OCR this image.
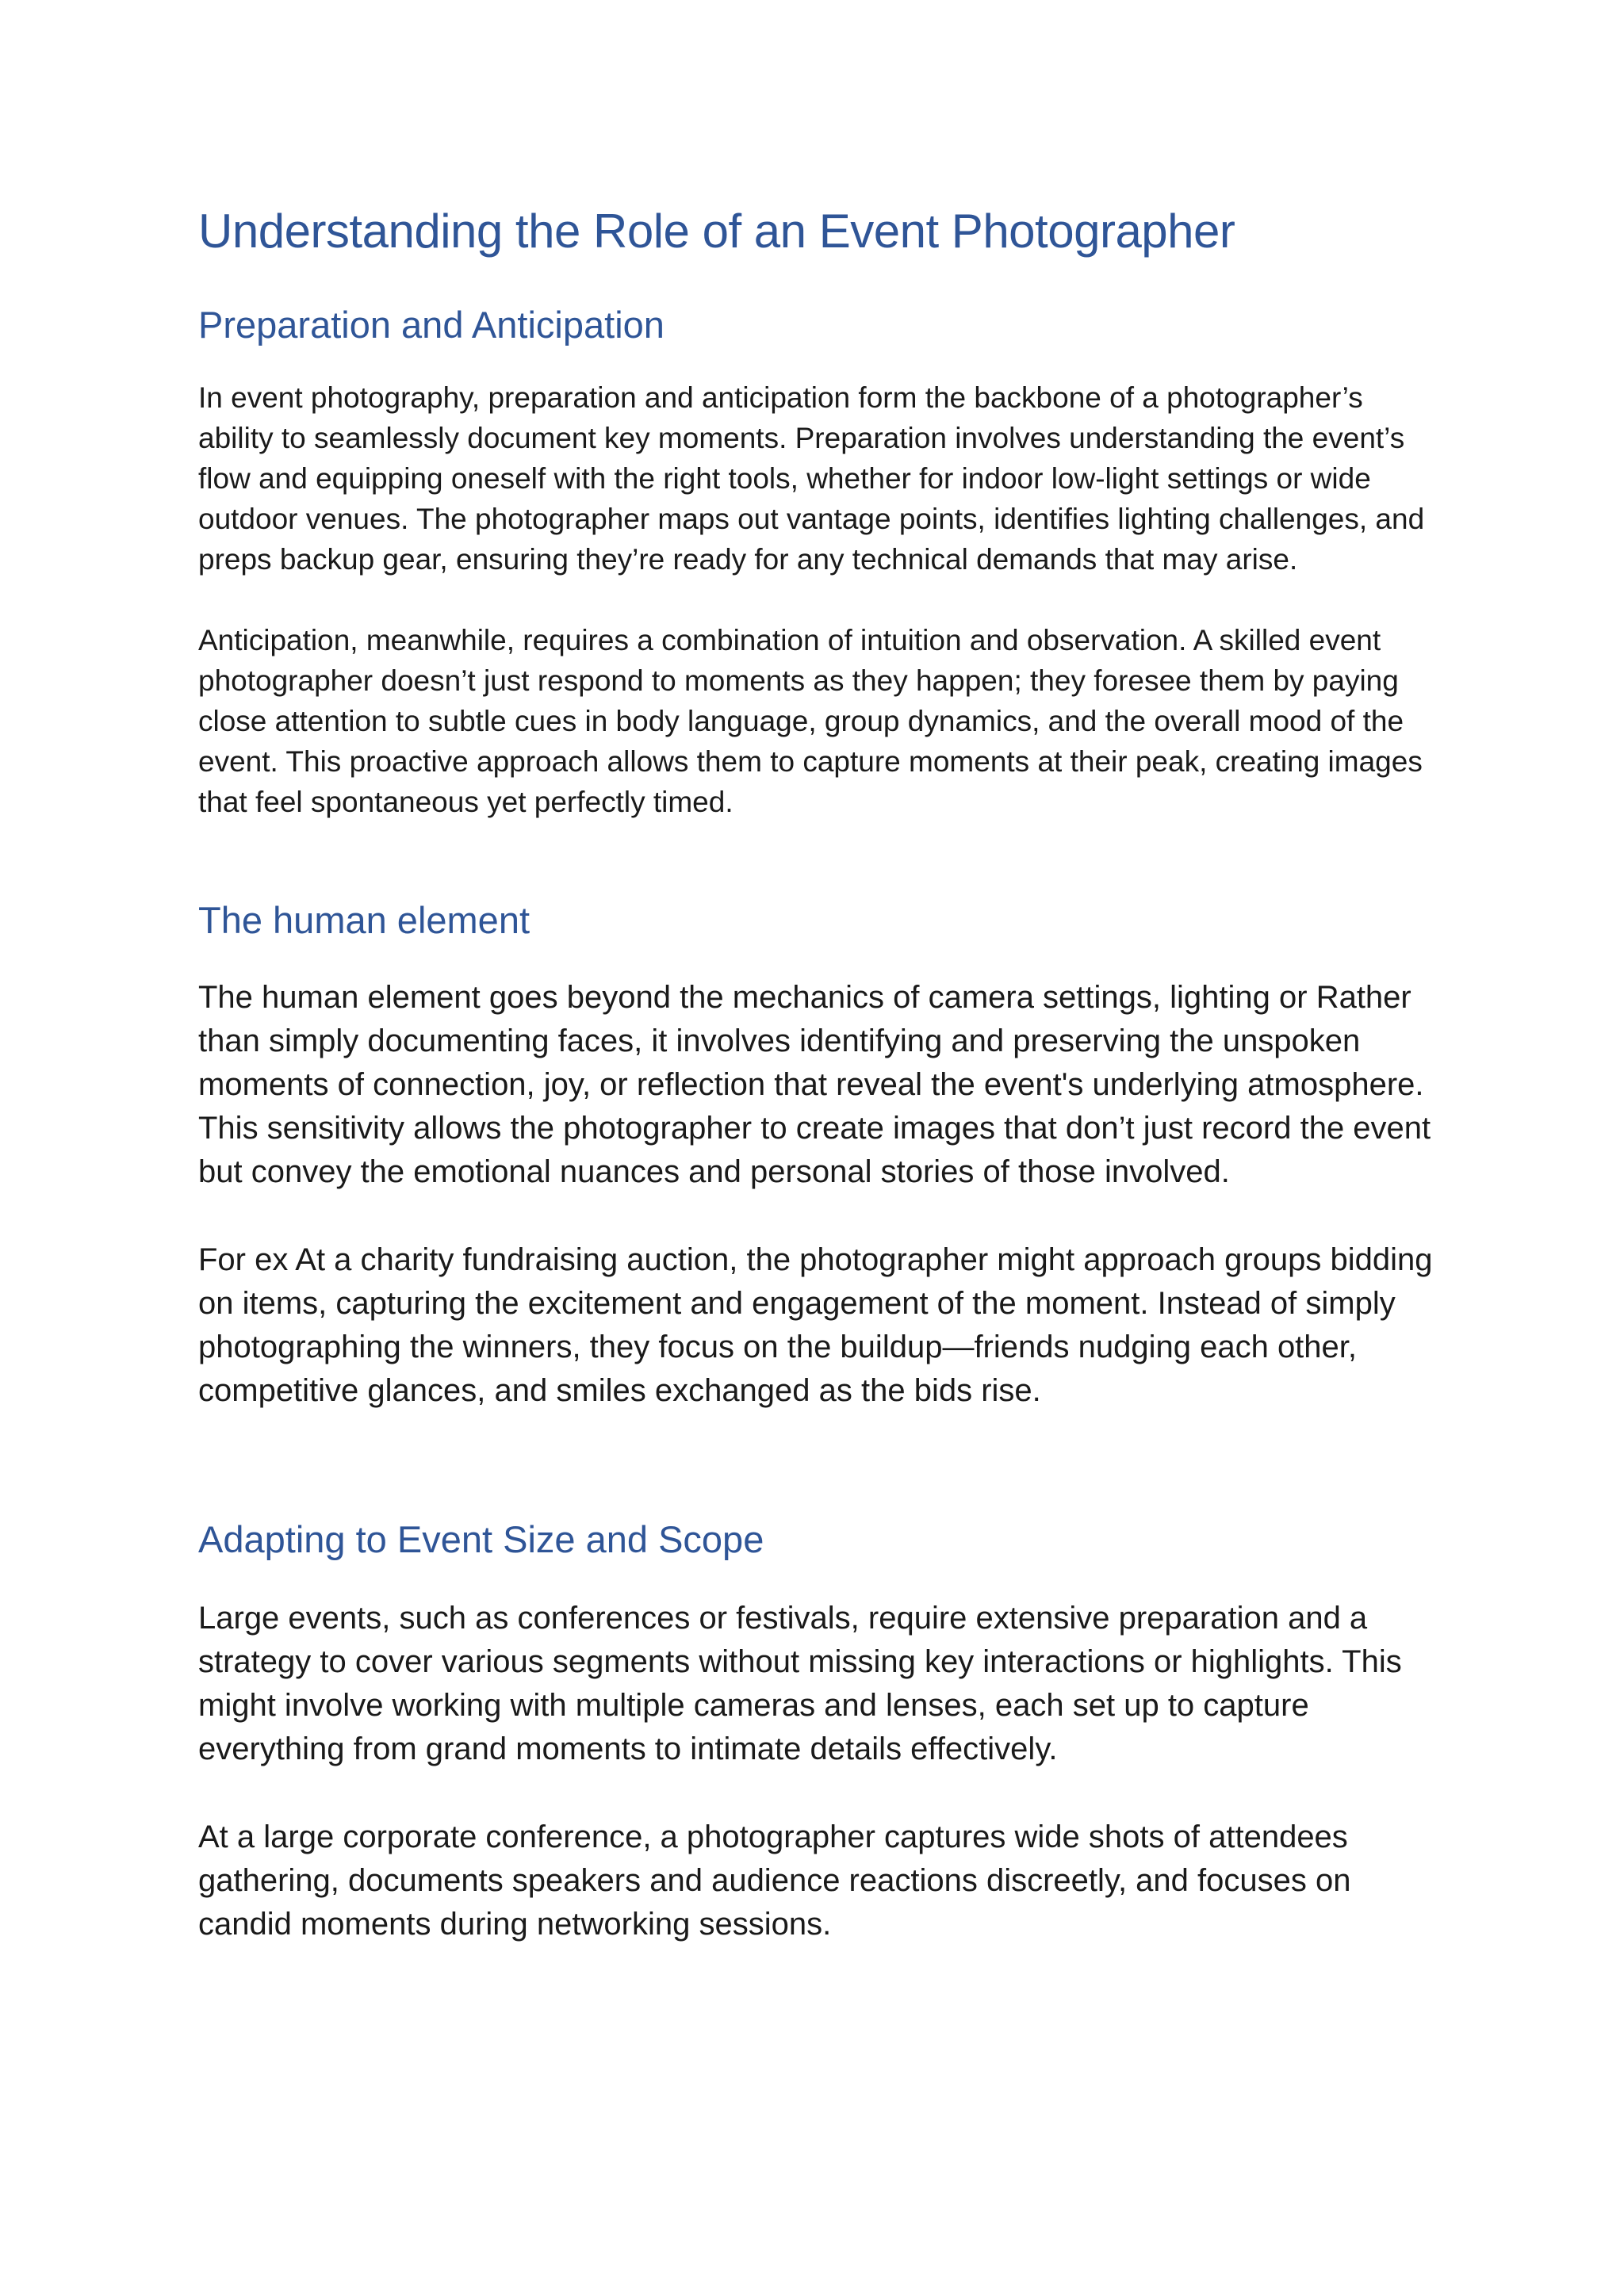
Understanding the Role of an Event Photographer
Preparation and Anticipation

In event photography, preparation and anticipation form the backbone of a photographer’s ability to seamlessly document key moments. Preparation involves understanding the event’s flow and equipping oneself with the right tools, whether for indoor low-light settings or wide outdoor venues. The photographer maps out vantage points, identifies lighting challenges, and preps backup gear, ensuring they’re ready for any technical demands that may arise.

Anticipation, meanwhile, requires a combination of intuition and observation. A skilled event photographer doesn’t just respond to moments as they happen; they foresee them by paying close attention to subtle cues in body language, group dynamics, and the overall mood of the event. This proactive approach allows them to capture moments at their peak, creating images that feel spontaneous yet perfectly timed.

The human element

The human element goes beyond the mechanics of camera settings, lighting or Rather than simply documenting faces, it involves identifying and preserving the unspoken moments of connection, joy, or reflection that reveal the event's underlying atmosphere. This sensitivity allows the photographer to create images that don’t just record the event but convey the emotional nuances and personal stories of those involved.

For ex At a charity fundraising auction, the photographer might approach groups bidding on items, capturing the excitement and engagement of the moment. Instead of simply photographing the winners, they focus on the buildup—friends nudging each other, competitive glances, and smiles exchanged as the bids rise.

Adapting to Event Size and Scope

Large events, such as conferences or festivals, require extensive preparation and a strategy to cover various segments without missing key interactions or highlights. This might involve working with multiple cameras and lenses, each set up to capture everything from grand moments to intimate details effectively.

At a large corporate conference, a photographer captures wide shots of attendees gathering, documents speakers and audience reactions discreetly, and focuses on candid moments during networking sessions.
